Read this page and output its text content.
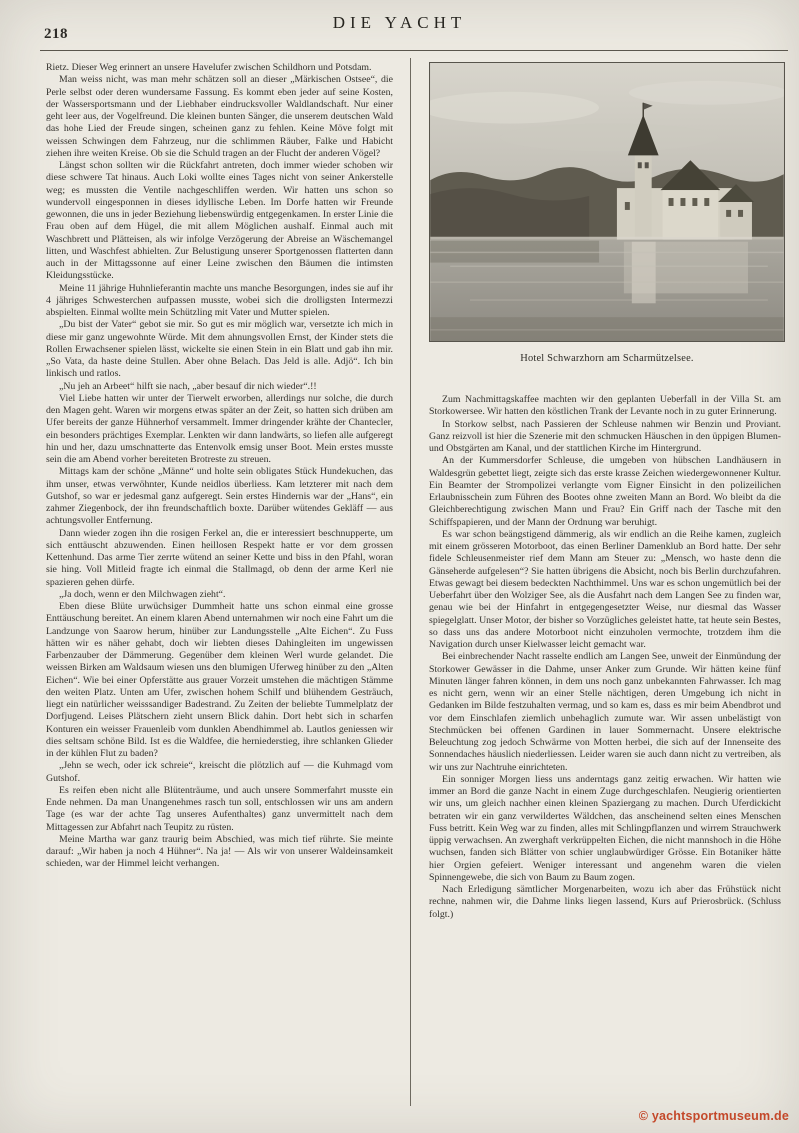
218
DIE YACHT

Rietz. Dieser Weg erinnert an unsere Havelufer zwischen Schildhorn und Potsdam.

Man weiss nicht, was man mehr schätzen soll an dieser „Märkischen Ostsee“, die Perle selbst oder deren wundersame Fassung. Es kommt eben jeder auf seine Kosten, der Wassersportsmann und der Liebhaber eindrucksvoller Waldlandschaft. Nur einer geht leer aus, der Vogelfreund. Die kleinen bunten Sänger, die unserem deutschen Wald das hohe Lied der Freude singen, scheinen ganz zu fehlen. Keine Möve folgt mit weissen Schwingen dem Fahrzeug, nur die schlimmen Räuber, Falke und Habicht ziehen ihre weiten Kreise. Ob sie die Schuld tragen an der Flucht der anderen Vögel?

Längst schon sollten wir die Rückfahrt antreten, doch immer wieder schoben wir diese schwere Tat hinaus. Auch Loki wollte eines Tages nicht von seiner Ankerstelle weg; es mussten die Ventile nachgeschliffen werden. Wir hatten uns schon so wundervoll eingesponnen in dieses idyllische Leben. Im Dorfe hatten wir Freunde gewonnen, die uns in jeder Beziehung liebenswürdig entgegenkamen. In erster Linie die Frau oben auf dem Hügel, die mit allem Möglichen aushalf. Einmal auch mit Waschbrett und Plätteisen, als wir infolge Verzögerung der Abreise an Wäschemangel litten, und Waschfest abhielten. Zur Belustigung unserer Sportgenossen flatterten dann auch in der Mittagssonne auf einer Leine zwischen den Bäumen die intimsten Kleidungsstücke.

Meine 11 jährige Huhnlieferantin machte uns manche Besorgungen, indes sie auf ihr 4 jähriges Schwesterchen aufpassen musste, wobei sich die drolligsten Intermezzi abspielten. Einmal wollte mein Schützling mit Vater und Mutter spielen.

„Du bist der Vater“ gebot sie mir. So gut es mir möglich war, versetzte ich mich in diese mir ganz ungewohnte Würde. Mit dem ahnungsvollen Ernst, der Kinder stets die Rollen Erwachsener spielen lässt, wickelte sie einen Stein in ein Blatt und gab ihn mir. „So Vata, da haste deine Stullen. Aber ohne Belach. Das Jeld is alle. Adjö“. Ich bin linkisch und ratlos.

„Nu jeh an Arbeet“ hilft sie nach, „aber besauf dir nich wieder“.!!

Viel Liebe hatten wir unter der Tierwelt erworben, allerdings nur solche, die durch den Magen geht. Waren wir morgens etwas später an der Zeit, so hatten sich drüben am Ufer bereits der ganze Hühnerhof versammelt. Immer dringender krähte der Chantecler, ein besonders prächtiges Exemplar. Lenkten wir dann landwärts, so liefen alle aufgeregt hin und her, dazu umschnatterte das Entenvolk emsig unser Boot. Mein erstes musste sein die am Abend vorher bereiteten Brotreste zu streuen.

Mittags kam der schöne „Männe“ und holte sein obligates Stück Hundekuchen, das ihm unser, etwas verwöhnter, Kunde neidlos überliess. Kam letzterer mit nach dem Gutshof, so war er jedesmal ganz aufgeregt. Sein erstes Hindernis war der „Hans“, ein zahmer Ziegenbock, der ihn freundschaftlich boxte. Darüber wütendes Gekläff — aus achtungsvoller Entfernung.

Dann wieder zogen ihn die rosigen Ferkel an, die er interessiert beschnupperte, um sich enttäuscht abzuwenden. Einen heillosen Respekt hatte er vor dem grossen Kettenhund. Das arme Tier zerrte wütend an seiner Kette und biss in den Pfahl, woran sie hing. Voll Mitleid fragte ich einmal die Stallmagd, ob denn der arme Kerl nie spazieren gehen dürfe.

„Ja doch, wenn er den Milchwagen zieht“.

Eben diese Blüte urwüchsiger Dummheit hatte uns schon einmal eine grosse Enttäuschung bereitet. An einem klaren Abend unternahmen wir noch eine Fahrt um die Landzunge von Saarow herum, hinüber zur Landungsstelle „Alte Eichen“. Zu Fuss hätten wir es näher gehabt, doch wir liebten dieses Dahingleiten im ungewissen Farbenzauber der Dämmerung. Gegenüber dem kleinen Werl wurde gelandet. Die weissen Birken am Waldsaum wiesen uns den blumigen Uferweg hinüber zu den „Alten Eichen“. Wie bei einer Opferstätte aus grauer Vorzeit umstehen die mächtigen Stämme den weiten Platz. Unten am Ufer, zwischen hohem Schilf und blühendem Gesträuch, liegt ein natürlicher weisssandiger Badestrand. Zu Zeiten der beliebte Tummelplatz der Dorfjugend. Leises Plätschern zieht unsern Blick dahin. Dort hebt sich in scharfen Konturen ein weisser Frauenleib vom dunklen Abendhimmel ab. Lautlos geniessen wir dies seltsam schöne Bild. Ist es die Waldfee, die herniederstieg, ihre schlanken Glieder in der kühlen Flut zu baden?

„Jehn se wech, oder ick schreie“, kreischt die plötzlich auf — die Kuhmagd vom Gutshof.

Es reifen eben nicht alle Blütenträume, und auch unsere Sommerfahrt musste ein Ende nehmen. Da man Unangenehmes rasch tun soll, entschlossen wir uns am andern Tage (es war der achte Tag unseres Aufenthaltes) ganz unvermittelt nach dem Mittagessen zur Abfahrt nach Teupitz zu rüsten.

Meine Martha war ganz traurig beim Abschied, was mich tief rührte. Sie meinte darauf: „Wir haben ja noch 4 Hühner“. Na ja! — Als wir von unserer Waldeinsamkeit schieden, war der Himmel leicht verhangen.

Hotel Schwarzhorn am Scharmützelsee.

Zum Nachmittagskaffee machten wir den geplanten Ueberfall in der Villa St. am Storkowersee. Wir hatten den köstlichen Trank der Levante noch in zu guter Erinnerung.

In Storkow selbst, nach Passieren der Schleuse nahmen wir Benzin und Proviant. Ganz reizvoll ist hier die Szenerie mit den schmucken Häuschen in den üppigen Blumen- und Obstgärten am Kanal, und der stattlichen Kirche im Hintergrund.

An der Kummersdorfer Schleuse, die umgeben von hübschen Landhäusern in Waldesgrün gebettet liegt, zeigte sich das erste krasse Zeichen wiedergewonnener Kultur. Ein Beamter der Strompolizei verlangte vom Eigner Einsicht in den polizeilichen Erlaubnisschein zum Führen des Bootes ohne zweiten Mann an Bord. Wo bleibt da die Gleichberechtigung zwischen Mann und Frau? Ein Griff nach der Tasche mit den Schiffspapieren, und der Mann der Ordnung war beruhigt.

Es war schon beängstigend dämmerig, als wir endlich an die Reihe kamen, zugleich mit einem grösseren Motorboot, das einen Berliner Damenklub an Bord hatte. Der sehr fidele Schleusenmeister rief dem Mann am Steuer zu: „Mensch, wo haste denn die Gänseherde aufgelesen“? Sie hatten übrigens die Absicht, noch bis Berlin durchzufahren. Etwas gewagt bei diesem bedeckten Nachthimmel. Uns war es schon ungemütlich bei der Ueberfahrt über den Wolziger See, als die Ausfahrt nach dem Langen See zu finden war, genau wie bei der Hinfahrt in entgegengesetzter Weise, nur diesmal das Wasser spiegelglatt. Unser Motor, der bisher so Vorzügliches geleistet hatte, tat heute sein Bestes, so dass uns das andere Motorboot nicht einzuholen vermochte, trotzdem ihm die Navigation durch unser Kielwasser leicht gemacht war.

Bei einbrechender Nacht rasselte endlich am Langen See, unweit der Einmündung der Storkower Gewässer in die Dahme, unser Anker zum Grunde. Wir hätten keine fünf Minuten länger fahren können, in dem uns noch ganz unbekannten Fahrwasser. Ich mag es nicht gern, wenn wir an einer Stelle nächtigen, deren Umgebung ich nicht in Gedanken im Bilde festzuhalten vermag, und so kam es, dass es mir beim Abendbrot und vor dem Einschlafen ziemlich unbehaglich zumute war. Wir assen unbelästigt von Stechmücken bei offenen Gardinen in lauer Sommernacht. Unsere elektrische Beleuchtung zog jedoch Schwärme von Motten herbei, die sich auf der Innenseite des Sonnendaches häuslich niederliessen. Leider waren sie auch dann nicht zu vertreiben, als wir uns zur Nachtruhe einrichteten.

Ein sonniger Morgen liess uns anderntags ganz zeitig erwachen. Wir hatten wie immer an Bord die ganze Nacht in einem Zuge durchgeschlafen. Neugierig orientierten wir uns, um gleich nachher einen kleinen Spaziergang zu machen. Durch Uferdickicht betraten wir ein ganz verwildertes Wäldchen, das anscheinend selten eines Menschen Fuss betritt. Kein Weg war zu finden, alles mit Schlingpflanzen und wirrem Strauchwerk üppig verwachsen. An zwerghaft verkrüppelten Eichen, die nicht mannshoch in die Höhe wuchsen, fanden sich Blätter von schier unglaubwürdiger Grösse. Ein Botaniker hätte hier Orgien gefeiert. Weniger interessant und angenehm waren die vielen Spinnengewebe, die sich von Baum zu Baum zogen.

Nach Erledigung sämtlicher Morgenarbeiten, wozu ich aber das Frühstück nicht rechne, nahmen wir, die Dahme links liegen lassend, Kurs auf Prierosbrück. (Schluss folgt.)

© yachtsportmuseum.de
